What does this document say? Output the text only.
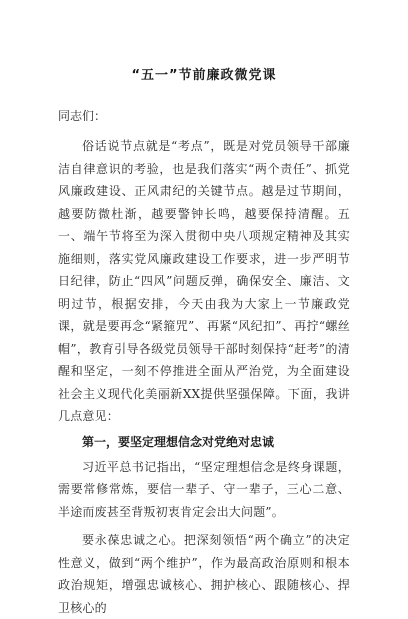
“五一”节前廉政微党课

同志们：

俗话说节点就是“考点”，既是对党员领导干部廉洁自律意识的考验，也是我们落实“两个责任”、抓党风廉政建设、正风肃纪的关键节点。越是过节期间，越要防微杜渐，越要警钟长鸣，越要保持清醒。五一、端午节将至为深入贯彻中央八项规定精神及其实施细则，落实党风廉政建设工作要求，进一步严明节日纪律，防止“四风”问题反弹，确保安全、廉洁、文明过节，根据安排，今天由我为大家上一节廉政党课，就是要再念“紧箍咒”、再紧“风纪扣”、再拧“螺丝帽”，教育引导各级党员领导干部时刻保持“赶考”的清醒和坚定，一刻不停推进全面从严治党，为全面建设社会主义现代化美丽新XX提供坚强保障。下面，我讲几点意见：

第一，要坚定理想信念对党绝对忠诚

习近平总书记指出，“坚定理想信念是终身课题，需要常修常炼，要信一辈子、守一辈子，三心二意、半途而废甚至背叛初衷肯定会出大问题”。

要永葆忠诚之心。把深刻领悟“两个确立”的决定性意义，做到“两个维护”，作为最高政治原则和根本政治规矩，增强忠诚核心、拥护核心、跟随核心、捍卫核心的
